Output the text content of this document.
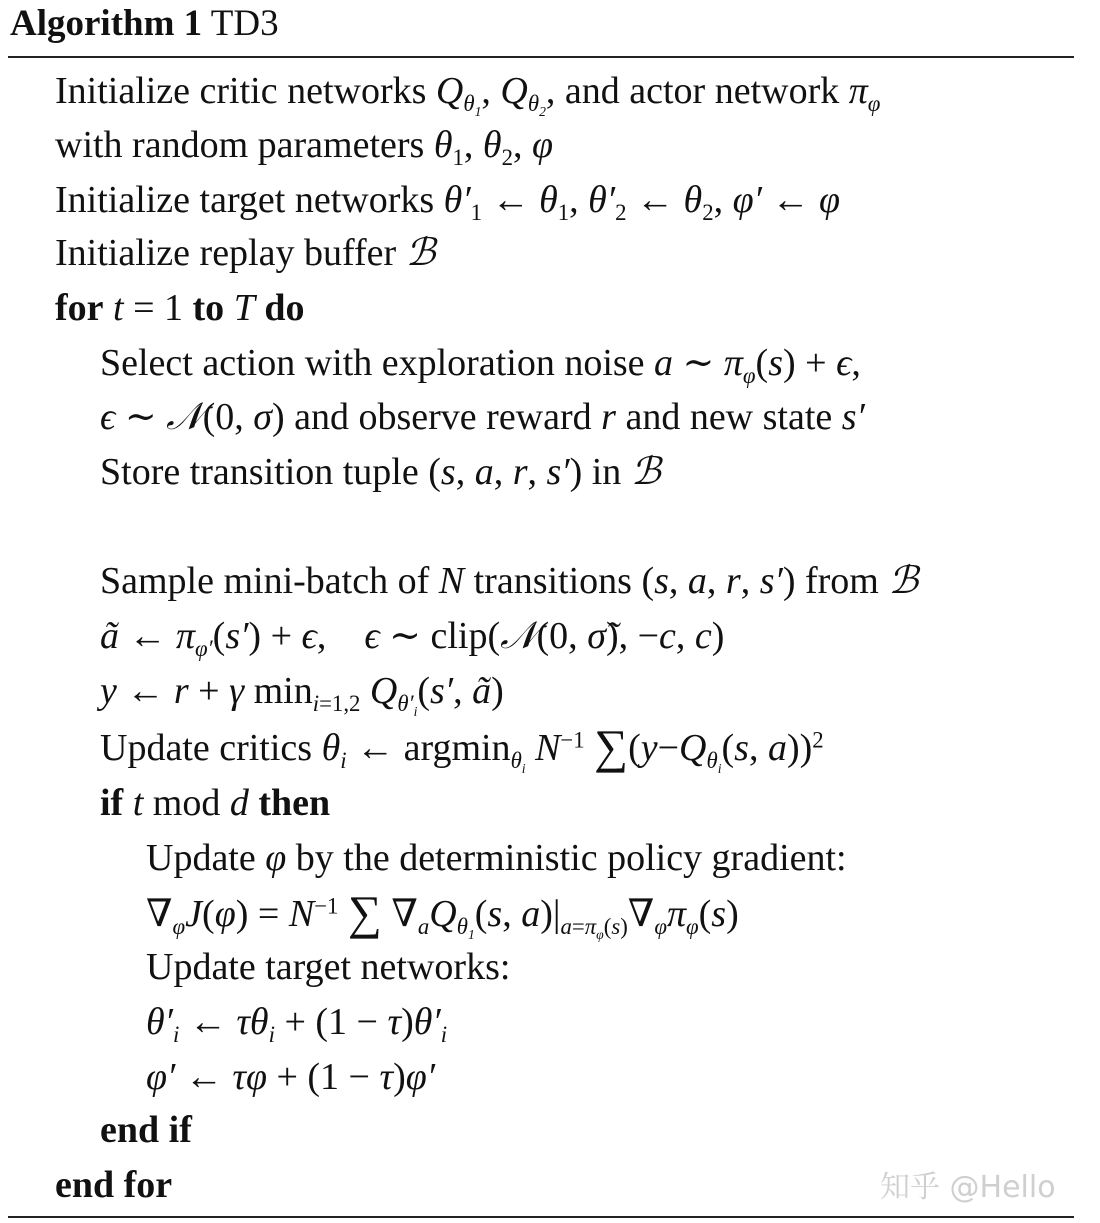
Algorithm 1 TD3
Initialize critic networks $Q_{\theta_1}$, $Q_{\theta_2}$, and actor network $\pi_\varphi$
with random parameters $\theta_1$, $\theta_2$, φ
Initialize target networks $\theta'_1$ ← $\theta_1$, $\theta'_2$ ← $\theta_2$, φ′ ← φ
Initialize replay buffer ℬ
for t = 1 to T do
Select action with exploration noise a ∼ $\pi_\varphi(s) + \epsilon$,
ϵ ∼ 𝒩(0, σ) and observe reward r and new state s′
Store transition tuple (s, a, r, s′) in ℬ
Sample mini-batch of N transitions (s, a, r, s′) from ℬ
ã ← $\pi_{\varphi'}(s') + \epsilon$,    ϵ ∼ clip(𝒩(0, σ̃), −c, c)
y ← r + γ $\min_{i=1,2} Q_{\theta'_i}(s'$, ã)
Update critics $\theta_i$ ← argmin$_{\theta_i}$ $N^{-1}$ $\sum(y-Q_{\theta_i}(s$, a))$^2$
if t mod d then
Update φ by the deterministic policy gradient:
$\nabla_\varphi J(\varphi) = N^{-1}$ ∑ $\nabla_aQ_{\theta_1}(s$, $a)|_{a=\pi_\varphi(s)}\nabla_\varphi\pi_\varphi(s)$
Update target networks:
$\theta'_i$ ← $\tau\theta_i + (1 - \tau)\theta'_i$
φ′ ← τφ + (1 − τ)φ′
end if
end for	知乎 @Hello
